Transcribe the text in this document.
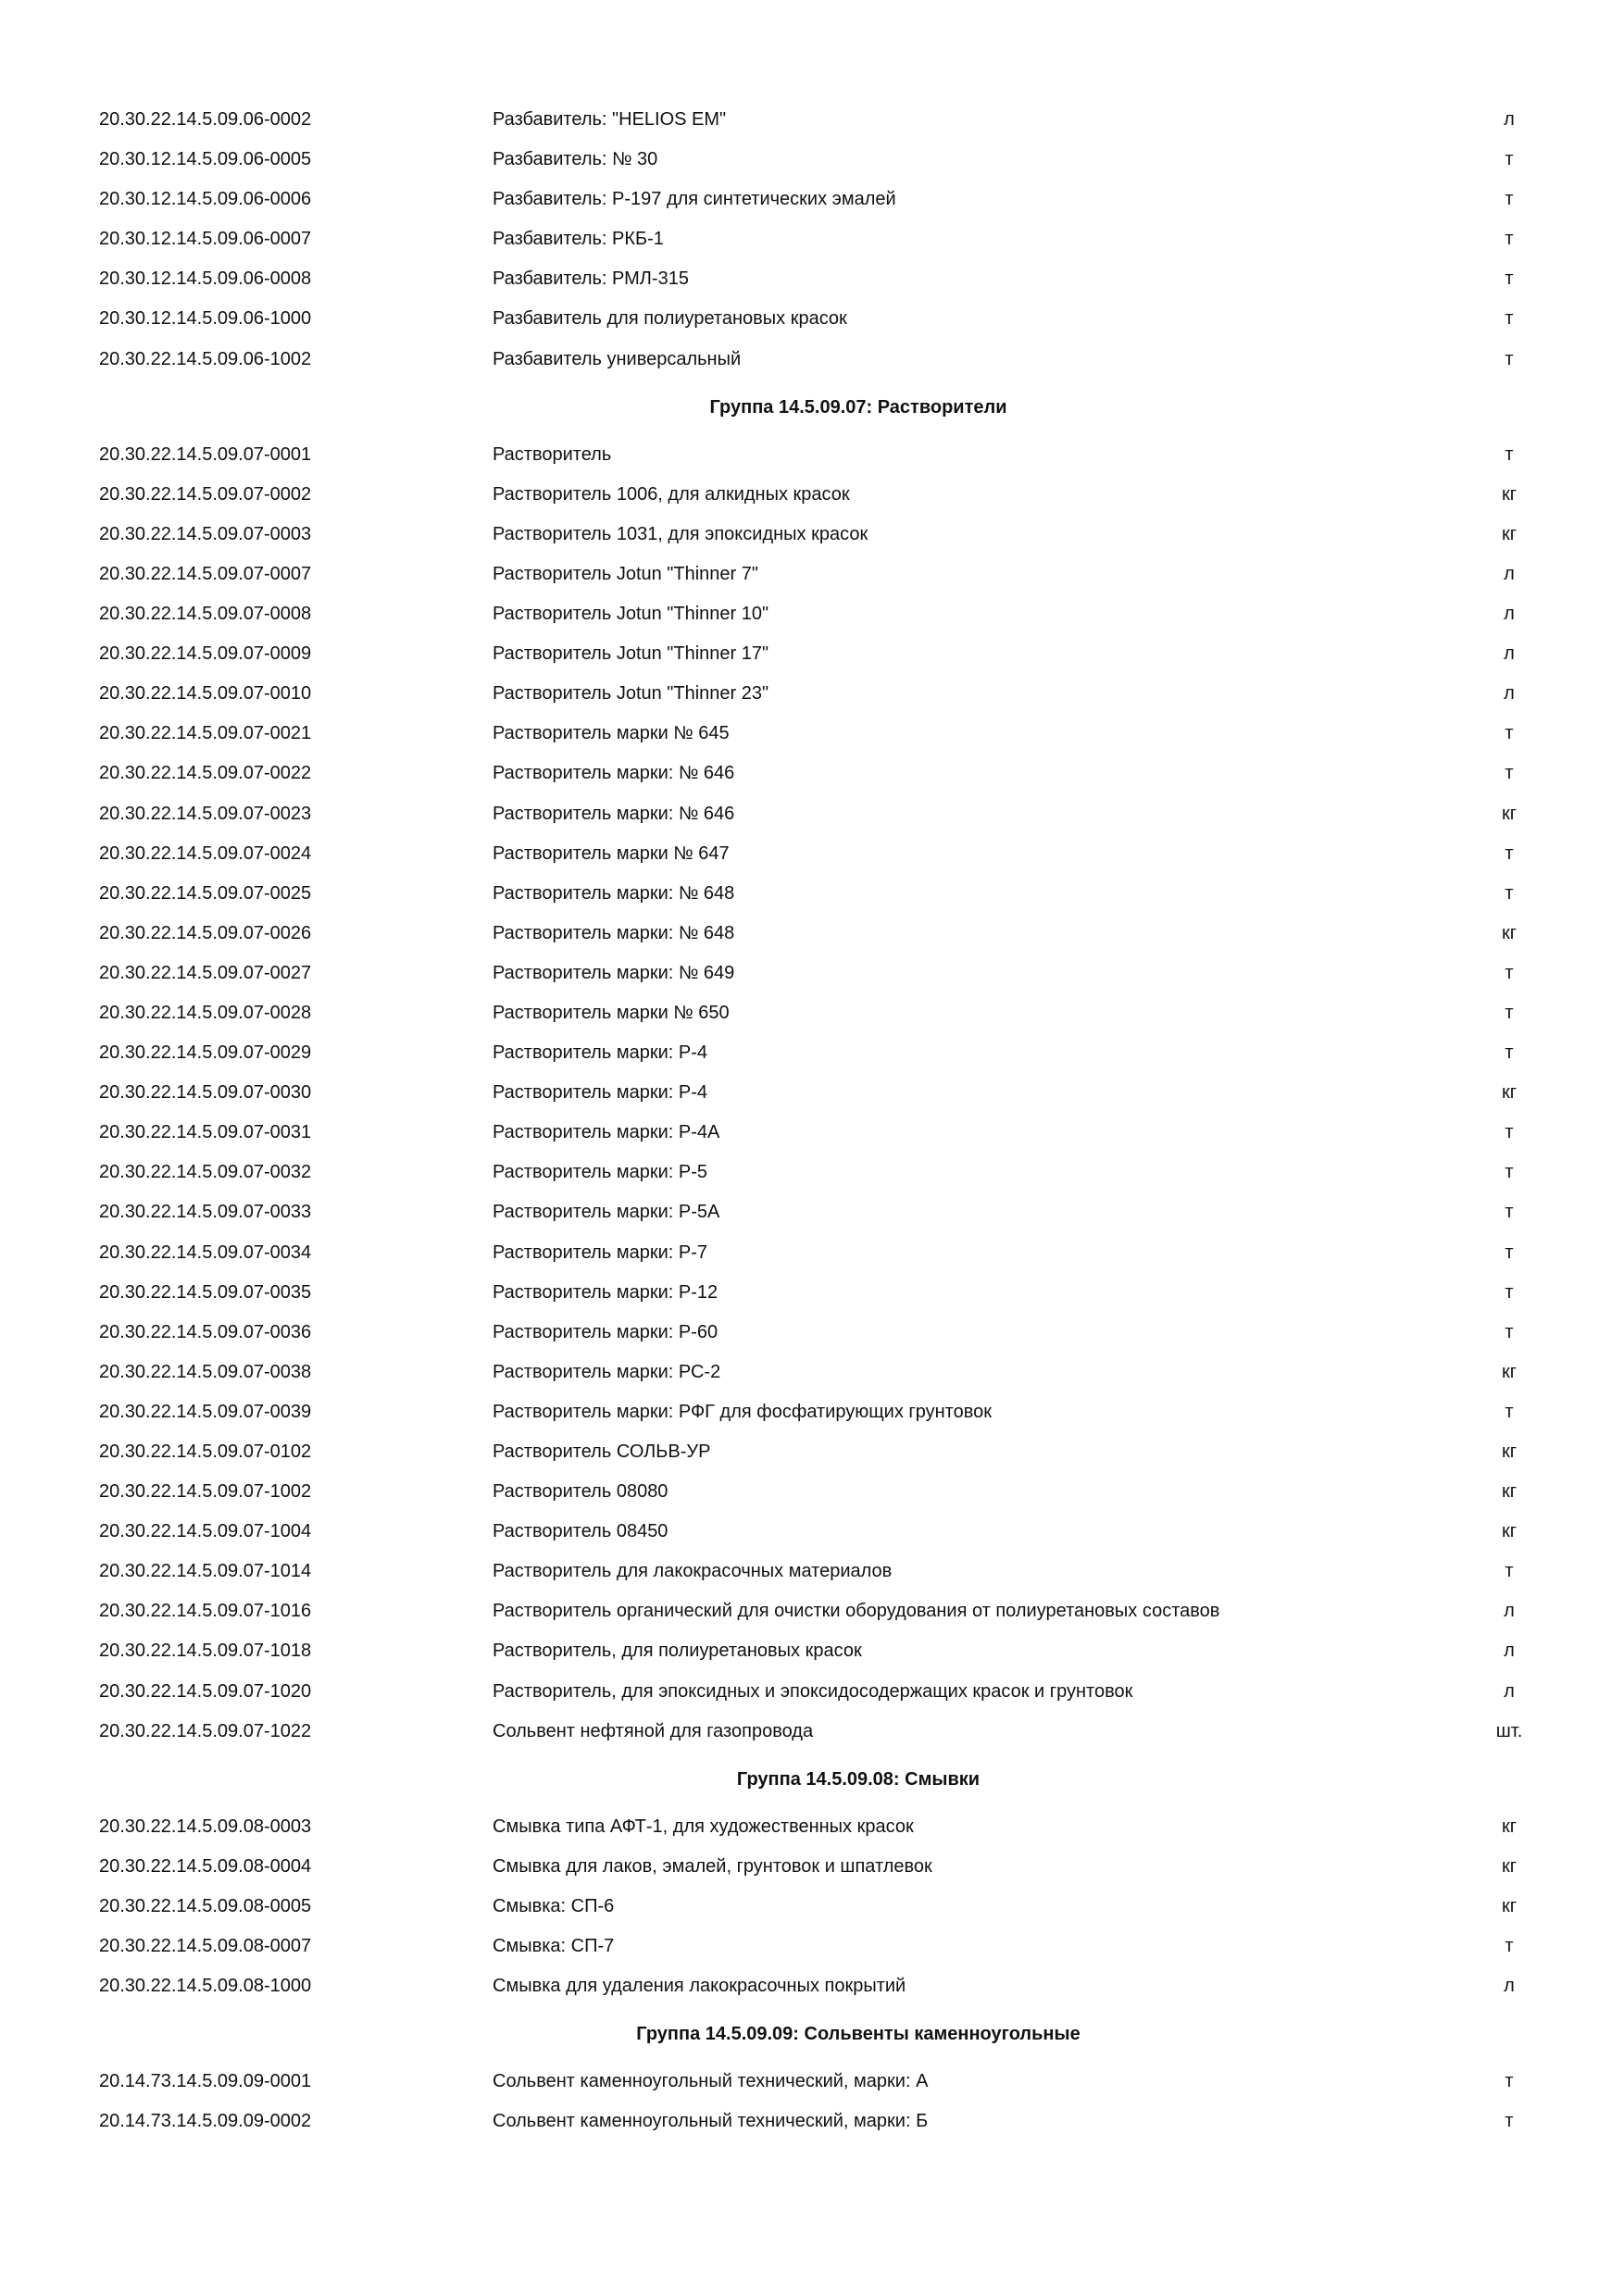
20.30.22.14.5.09.06-0002	Разбавитель: "HELIOS EM"	л
20.30.12.14.5.09.06-0005	Разбавитель: № 30	т
20.30.12.14.5.09.06-0006	Разбавитель: Р-197 для синтетических эмалей	т
20.30.12.14.5.09.06-0007	Разбавитель: РКБ-1	т
20.30.12.14.5.09.06-0008	Разбавитель: РМЛ-315	т
20.30.12.14.5.09.06-1000	Разбавитель для полиуретановых красок	т
20.30.22.14.5.09.06-1002	Разбавитель универсальный	т
Группа 14.5.09.07: Растворители
20.30.22.14.5.09.07-0001	Растворитель	т
20.30.22.14.5.09.07-0002	Растворитель 1006, для алкидных красок	кг
20.30.22.14.5.09.07-0003	Растворитель 1031, для эпоксидных красок	кг
20.30.22.14.5.09.07-0007	Растворитель Jotun "Thinner 7"	л
20.30.22.14.5.09.07-0008	Растворитель Jotun "Thinner 10"	л
20.30.22.14.5.09.07-0009	Растворитель Jotun "Thinner 17"	л
20.30.22.14.5.09.07-0010	Растворитель Jotun "Thinner 23"	л
20.30.22.14.5.09.07-0021	Растворитель марки № 645	т
20.30.22.14.5.09.07-0022	Растворитель марки: № 646	т
20.30.22.14.5.09.07-0023	Растворитель марки: № 646	кг
20.30.22.14.5.09.07-0024	Растворитель марки № 647	т
20.30.22.14.5.09.07-0025	Растворитель марки: № 648	т
20.30.22.14.5.09.07-0026	Растворитель марки: № 648	кг
20.30.22.14.5.09.07-0027	Растворитель марки: № 649	т
20.30.22.14.5.09.07-0028	Растворитель марки № 650	т
20.30.22.14.5.09.07-0029	Растворитель марки: Р-4	т
20.30.22.14.5.09.07-0030	Растворитель марки: Р-4	кг
20.30.22.14.5.09.07-0031	Растворитель марки: Р-4А	т
20.30.22.14.5.09.07-0032	Растворитель марки: Р-5	т
20.30.22.14.5.09.07-0033	Растворитель марки: Р-5А	т
20.30.22.14.5.09.07-0034	Растворитель марки: Р-7	т
20.30.22.14.5.09.07-0035	Растворитель марки: Р-12	т
20.30.22.14.5.09.07-0036	Растворитель марки: Р-60	т
20.30.22.14.5.09.07-0038	Растворитель марки: РС-2	кг
20.30.22.14.5.09.07-0039	Растворитель марки: РФГ для фосфатирующих грунтовок	т
20.30.22.14.5.09.07-0102	Растворитель СОЛЬВ-УР	кг
20.30.22.14.5.09.07-1002	Растворитель 08080	кг
20.30.22.14.5.09.07-1004	Растворитель 08450	кг
20.30.22.14.5.09.07-1014	Растворитель для лакокрасочных материалов	т
20.30.22.14.5.09.07-1016	Растворитель органический для очистки оборудования от полиуретановых составов	л
20.30.22.14.5.09.07-1018	Растворитель, для полиуретановых красок	л
20.30.22.14.5.09.07-1020	Растворитель, для эпоксидных и эпоксидосодержащих красок и грунтовок	л
20.30.22.14.5.09.07-1022	Сольвент нефтяной для газопровода	шт.
Группа 14.5.09.08: Смывки
20.30.22.14.5.09.08-0003	Смывка типа АФТ-1, для художественных красок	кг
20.30.22.14.5.09.08-0004	Смывка для лаков, эмалей, грунтовок и шпатлевок	кг
20.30.22.14.5.09.08-0005	Смывка: СП-6	кг
20.30.22.14.5.09.08-0007	Смывка: СП-7	т
20.30.22.14.5.09.08-1000	Смывка для удаления лакокрасочных покрытий	л
Группа 14.5.09.09: Сольвенты каменноугольные
20.14.73.14.5.09.09-0001	Сольвент каменноугольный технический, марки: А	т
20.14.73.14.5.09.09-0002	Сольвент каменноугольный технический, марки: Б	т
